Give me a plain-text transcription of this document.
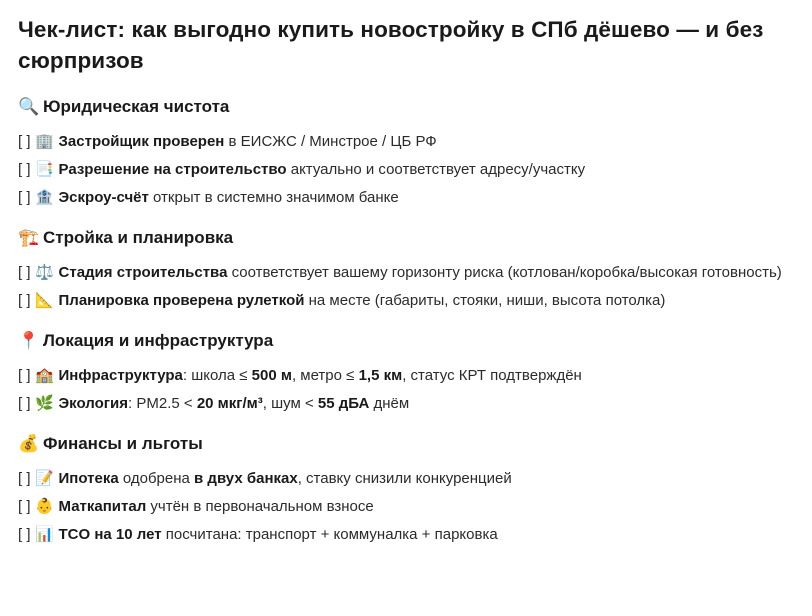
Чек-лист: как выгодно купить новостройку в СПб дёшево — и без сюрпризов
🔍 Юридическая чистота
[ ] 🏢 Застройщик проверен в ЕИСЖС / Минстрое / ЦБ РФ
[ ] 📑 Разрешение на строительство актуально и соответствует адресу/участку
[ ] 🏦 Эскроу-счёт открыт в системно значимом банке
🏗️ Стройка и планировка
[ ] ⚖️ Стадия строительства соответствует вашему горизонту риска (котлован/коробка/высокая готовность)
[ ] 📐 Планировка проверена рулеткой на месте (габариты, стояки, ниши, высота потолка)
📍 Локация и инфраструктура
[ ] 🏫 Инфраструктура: школа ≤ 500 м, метро ≤ 1,5 км, статус КРТ подтверждён
[ ] 🌿 Экология: PM2.5 < 20 мкг/м³, шум < 55 дБА днём
💰 Финансы и льготы
[ ] 📝 Ипотека одобрена в двух банках, ставку снизили конкуренцией
[ ] 👶 Маткапитал учтён в первоначальном взносе
[ ] 📊 TCO на 10 лет посчитана: транспорт + коммуналка + парковка
